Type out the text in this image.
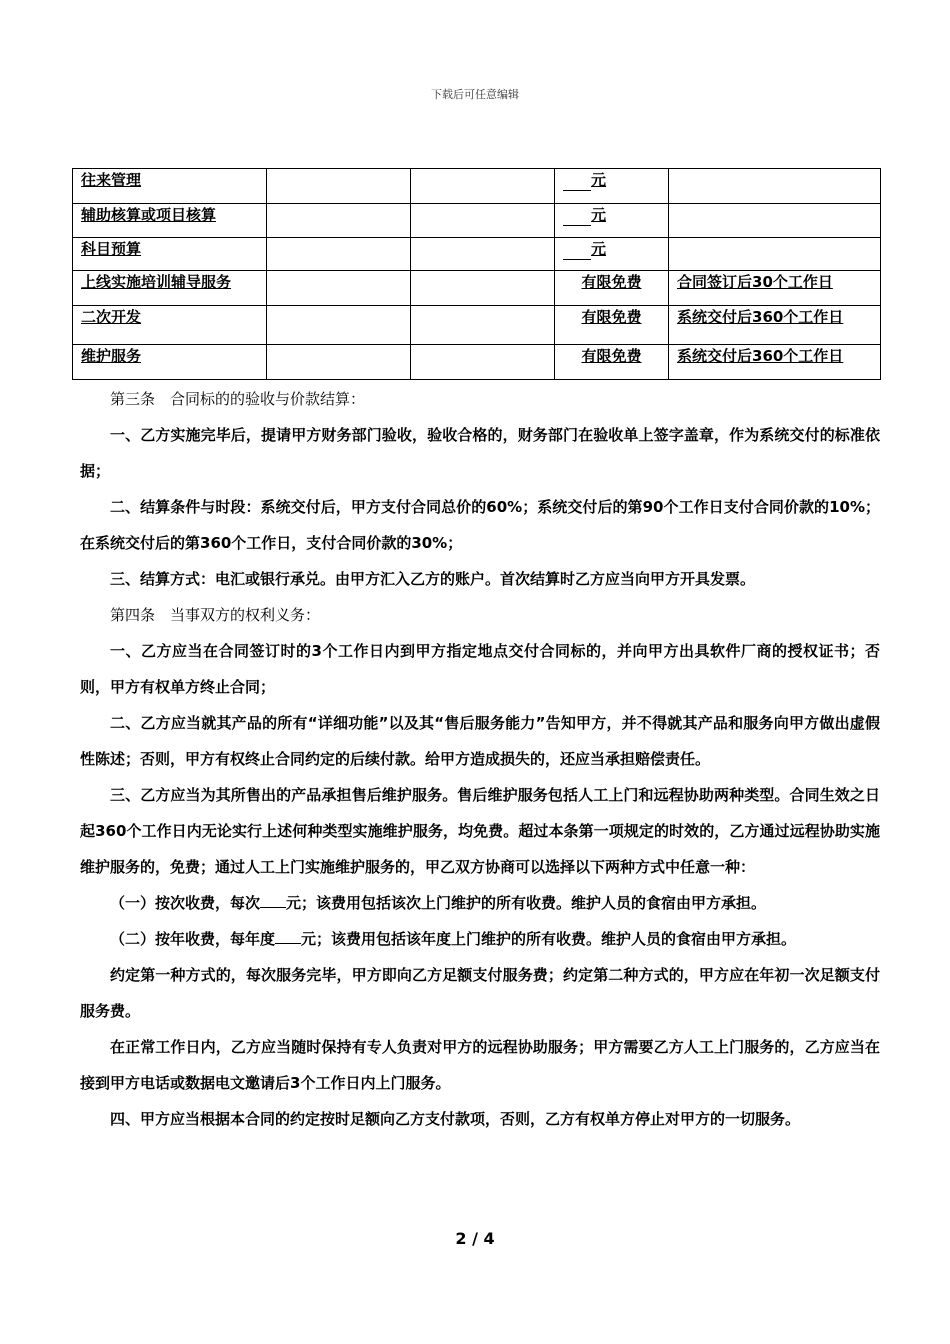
下载后可任意编辑
往来管理			元	
辅助核算或项目核算			元	
科目预算			元	
上线实施培训辅导服务			有限免费	合同签订后30个工作日
二次开发			有限免费	系统交付后360个工作日
维护服务			有限免费	系统交付后360个工作日

第三条　合同标的的验收与价款结算：

一、乙方实施完毕后，提请甲方财务部门验收，验收合格的，财务部门在验收单上签字盖章，作为系统交付的标准依据；

二、结算条件与时段：系统交付后，甲方支付合同总价的60%；系统交付后的第90个工作日支付合同价款的10%；在系统交付后的第360个工作日，支付合同价款的30%；

三、结算方式：电汇或银行承兑。由甲方汇入乙方的账户。首次结算时乙方应当向甲方开具发票。

第四条　当事双方的权利义务：

一、乙方应当在合同签订时的3个工作日内到甲方指定地点交付合同标的，并向甲方出具软件厂商的授权证书；否则，甲方有权单方终止合同；

二、乙方应当就其产品的所有“详细功能”以及其“售后服务能力”告知甲方，并不得就其产品和服务向甲方做出虚假性陈述；否则，甲方有权终止合同约定的后续付款。给甲方造成损失的，还应当承担赔偿责任。

三、乙方应当为其所售出的产品承担售后维护服务。售后维护服务包括人工上门和远程协助两种类型。合同生效之日起360个工作日内无论实行上述何种类型实施维护服务，均免费。超过本条第一项规定的时效的，乙方通过远程协助实施维护服务的，免费；通过人工上门实施维护服务的，甲乙双方协商可以选择以下两种方式中任意一种：

（一）按次收费，每次 元；该费用包括该次上门维护的所有收费。维护人员的食宿由甲方承担。

（二）按年收费，每年度 元；该费用包括该年度上门维护的所有收费。维护人员的食宿由甲方承担。

约定第一种方式的，每次服务完毕，甲方即向乙方足额支付服务费；约定第二种方式的，甲方应在年初一次足额支付服务费。

在正常工作日内，乙方应当随时保持有专人负责对甲方的远程协助服务；甲方需要乙方人工上门服务的，乙方应当在接到甲方电话或数据电文邀请后3个工作日内上门服务。

四、甲方应当根据本合同的约定按时足额向乙方支付款项，否则，乙方有权单方停止对甲方的一切服务。

2 / 4
